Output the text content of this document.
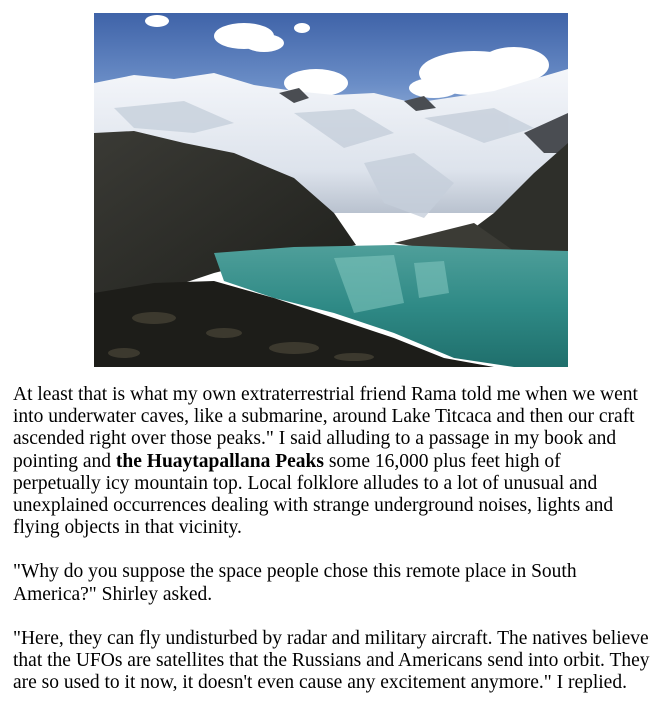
At least that is what my own extraterrestrial friend Rama told me when we went into underwater caves, like a submarine, around Lake Titcaca and then our craft ascended right over those peaks." I said alluding to a passage in my book and pointing and the Huaytapallana Peaks some 16,000 plus feet high of perpetually icy mountain top. Local folklore alludes to a lot of unusual and unexplained occurrences dealing with strange underground noises, lights and flying objects in that vicinity.

"Why do you suppose the space people chose this remote place in South America?" Shirley asked.

"Here, they can fly undisturbed by radar and military aircraft. The natives believe that the UFOs are satellites that the Russians and Americans send into orbit. They are so used to it now, it doesn't even cause any excitement anymore." I replied.
